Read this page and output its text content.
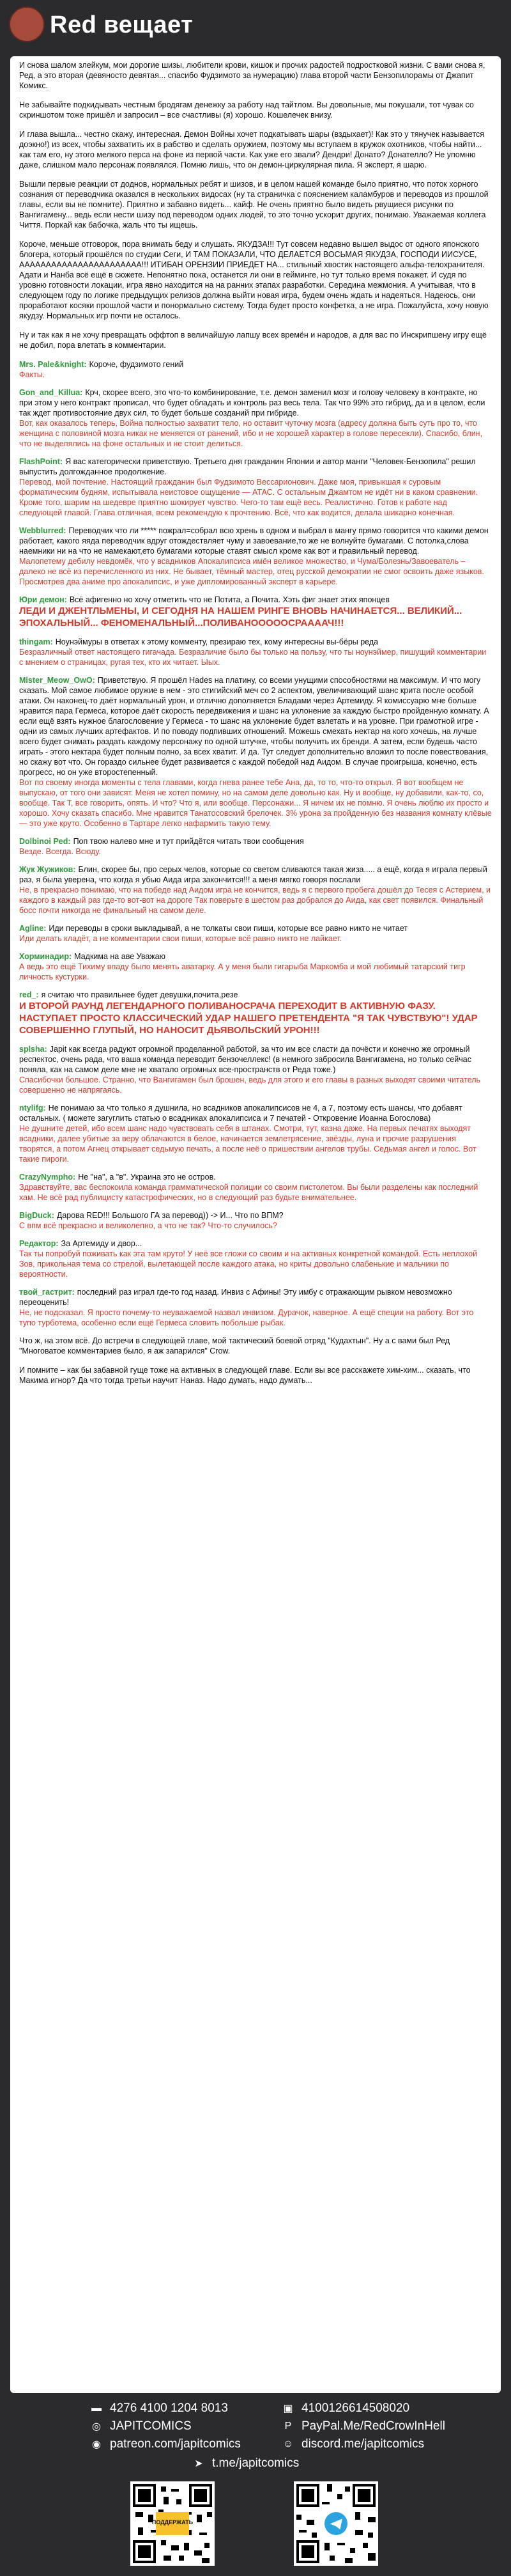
Red вещает

И снова шалом злейкум, мои дорогие шизы, любители крови, кишок и прочих радостей подростковой жизни. С вами снова я, Ред, а это вторая (девяносто девятая... спасибо Фудзимото за нумерацию) глава второй части Бензопилорамы от Джапит Комикс.

Не забывайте подкидывать честным бродягам денежку за работу над тайтлом. Вы довольные, мы покушали, тот чувак со скриншотом тоже пришёл и запросил – все счастливы (я) хорошо. Кошелечек внизу.

И глава вышла... честно скажу, интересная. Демон Войны хочет подкатывать шары (вздыхает)! Как это у тянучек называется доэкно!) из всех, чтобы захватить их в рабство и сделать оружием, поэтому мы вступаем в кружок охотников, чтобы найти... как там его, ну этого мелкого перса на фоне из первой части. Как уже его звали? Дендри! Донато? Донателло? Не упомню даже, слишком мало персонаж появлялся. Помню лишь, что он демон-циркулярная пила. Я эксперт, я шарю.

Вышли первые реакции от доднов, нормальных ребят и шизов, и в целом нашей команде было приятно, что поток хорного сознания от переводчика оказался в нескольких видосах (ну та страничка с пояснением каламбуров и переводов из прошлой главы, если вы не помните). Приятно и забавно видеть... кайф. Не очень приятно было видеть рвущиеся рисунки по Вангигамену... ведь если нести шизу под переводом одних людей, то это точно ускорит других, понимаю. Уважаемая коллега Чиття. Поркай как бабочка, жаль что ты ищешь.

Короче, меньше отговорок, пора внимать беду и слушать. ЯКУДЗА!!! Тут совсем недавно вышел выдос от одного японского блогера, который прошёлся по студии Сеги, И ТАМ ПОКАЗАЛИ, ЧТО ДЕЛАЕТСЯ ВОСЬМАЯ ЯКУДЗА, ГОСПОДИ ИИСУСЕ, ААААААААААААААААААААААА!!! ИТИБАН ОРЕНЗИИ ПРИЕДЕТ НА... стильный хвостик настоящего альфа-телохранителя. Адати и Нанба всё ещё в сюжете. Непонятно пока, останется ли они в гейминге, но тут только время покажет. И судя по уровню готовности локации, игра явно находится на на ранних этапах разработки. Середина межмония. А учитывая, что в следующем году по логике предыдущих релизов должна выйти новая игра, будем очень ждать и надеяться. Надеюсь, они проработают косяки прошлой части и понормально систему. Тогда будет просто конфетка, а не игра. Пожалуйста, хочу новую якудзу. Нормальных игр почти не осталось.

Ну и так как я не хочу превращать оффтоп в величайшую лапшу всех времён и народов, а для вас по Инскрипшену игру ещё не добил, пора влетать в комментарии.

Mrs. Pale&knight: Короче, фудзимото гений
Факты.
Gon_and_Killua: Крч, скорее всего, это что-то комбинирование, т.е. демон заменил мозг и голову человеку в контракте, но при этом у него контракт прописал, что будет обладать и контроль раз весь тела. Так что 99% это гибрид, да и в целом, если так ждет противостояние двух сил, то будет больше созданий при гибриде.
Вот, как оказалось теперь, Война полностью захватит тело, но оставит чуточку мозга (адресу должна быть суть про то, что женщина с половиной мозга никак не меняется от ранений, ибо и не хорошей характер в голове пересекли). Спасибо, блин, что не выделялись на фоне остальных и не стоит делиться.
FlashPoint: Я вас категорически приветствую. Третьего дня гражданин Японии и автор манги "Человек-Бензопила" решил выпустить долгожданное продолжение.
Перевод, мой почтение. Настоящий гражданин был Фудзимото Вессарионович. Даже моя, привыкшая к суровым форматическим будням, испытывала неистовое ощущение — АТАС. С остальным Джамтом не идёт ни в каком сравнении. Кроме того, шарим на шедевре приятно шокирует чувство. Чего-то там ещё весь. Реалистично. Готов к работе над следующей главой. Глава отличная, всем рекомендую к прочтению. Всё, что как водится, делала шикарно конечная.
Webblurred: Переводчик что ли ***** пожрал=собрал всю хрень в одном и выбрал в мангу прямо говорится что какими демон работает, какого яяда переводчик вдруг отождествляет чуму и завоевание,то же не волнуйте бумагами. С потолка,слова наемники ни на что не намекают,ето бумагами которые ставят смысл кроме как вот и правильный перевод.
Малопетему дебилу невдомёк, что у всадников Апокалипсиса имён великое множество, и Чума/Болезнь/Завоеватель – далеко не всё из перечисленного из них. Не бывает, тёмный мастер, отец русской демократии не смог освоить даже языков. Просмотрев два аниме про апокалипсис, и уже дипломированный эксперт в карьере.
Юри демон: Всё афигенно но хочу отметить что не Потита, а Почита. Хэть фиг знает этих японцев
ЛЕДИ И ДЖЕНТЛЬМЕНЫ, И СЕГОДНЯ НА НАШЕМ РИНГЕ ВНОВЬ НАЧИНАЕТСЯ... ВЕЛИКИЙ... ЭПОХАЛЬНЫЙ... ФЕНОМЕНАЛЬНЫЙ...ПОЛИВАНОООООСРААААЧ!!!
thingam: Ноунэймуры в ответах к этому комменту, презираю тех, кому интересны вы-бёры реда
Безразличный ответ настоящего гигачада. Безразличие было бы только на пользу, что ты ноунэймер, пишущий комментарии с мнением о страницах, ругая тех, кто их читает. Ыых.
Mister_Meow_OwO: Приветствую. Я прошёл Hades на платину, со всеми унущими способностями на максимум. И что могу сказать. Мой самое любимое оружие в нем - это стигийский меч со 2 аспектом, увеличивающий шанс крита после особой атаки. Он наконец-то даёт нормальный урон, и отлично дополняется Бладами через Артемиду. Я комиссуарю мне больше нравится пара Гермеса, которое даёт скорость передвижения и шанс на уклонение за каждую быстро пройденную комнату. А если ещё взять нужное благословение у Гермеса - то шанс на уклонение будет взлетать и на уровне. При грамотной игре - одни из самых лучших артефактов. И по поводу подпивших отношений. Можешь смехать нектар на кого хочешь, на лучше всего будет снимать раздать каждому персонажу по одной штучке, чтобы получить их бренди. А затем, если будешь часто играть - этого нектара будет полным полно, за всех хватит. И да. Тут следует дополнительно вложил то после повествования, но скажу вот что. Он гораздо сильнее будет развивается с каждой победой над Аидом. В случае проигрыша, конечно, есть прогресс, но он уже второстепенный.
Вот по своему иногда моменты с тела главами, когда гнева ранее тебе Ана, да, то то, что-то открыл. Я вот вообщем не выпускаю, от того они зависят. Меня не хотел помину, но на самом деле довольно как. Ну и вообще, ну добавили, как-то, со, вообще. Так Т, все говорить, опять. И что? Что я, или вообще. Персонажи... Я ничем их не помню. Я очень люблю их просто и хорошо. Хочу сказать спасибо. Мне нравится Танатосовский брелочек. 3% урона за пройденную без названия комнату клёвые — это уже круто. Особенно в Тартаре легко нафармить такую тему.
Dolbinoi Ped: Поп твою налево мне и тут прийдётся читать твои сообщения
Везде. Всегда. Всюду.
Жук Жужиков: Блин, скорее бы, про серых челов, которые со светом сливаются такая жиза..... а ещё, когда я играла первый раз, я была уверена, что когда я убью Аида игра закончится!!! а меня мягко говоря послали
Не, в прекрасно понимаю, что на победе над Аидом игра не кончится, ведь я с первого пробега дошёл до Тесея с Астерием, и каждого в каждый раз где-то вот-вот на дороге Так поверьте в шестом раз добрался до Аида, как свет появился. Финальный босс почти никогда не финальный на самом деле.
Agline: Иди переводы в сроки выкладывай, а не толкаты свои пиши, которые все равно никто не читает
Иди делать кладёт, а не комментарии свои пиши, которые всё равно никто не лайкает.
Хорминадир: Мадкима на аве Уважаю
А ведь это ещё Тихиму впаду было менять аватарку. А у меня были гигарыба Маркомба и мой любимый татарский тигр личность кустурки.
red_: я считаю что правильнее будет девушки,почита,резе
И ВТОРОЙ РАУНД ЛЕГЕНДАРНОГО ПОЛИВАНОСРАЧА ПЕРЕХОДИТ В АКТИВНУЮ ФАЗУ. НАСТУПАЕТ ПРОСТО КЛАССИЧЕСКИЙ УДАР НАШЕГО ПРЕТЕНДЕНТА "Я ТАК ЧУВСТВУЮ"! УДАР СОВЕРШЕННО ГЛУПЫЙ, НО НАНОСИТ ДЬЯВОЛЬСКИЙ УРОН!!!
splsha: Japit как всегда радуют огромной проделанной работой, за что им все сласти да почёсти и конечно же огромный респектос, очень рада, что ваша команда переводит бензочеллекс! (в немного забросила Вангигамена, но только сейчас поняла, как на самом деле мне не хватало огромных все-пространств от Реда тоже.)
Спасибочки большое. Странно, что Вангигамен был брошен, ведь для этого и его главы в разных выходят своими читатель совершенно не напрягаясь.
ntylifg: Не понимаю за что только я душнила, но всадников апокалипсисов не 4, а 7, поэтому есть шансы, что добавят остальных. ( можете загуглить статью о всадниках апокалипсиса и 7 печатей - Откровение Иоанна Богослова)
Не душните детей, ибо всем шанс надо чувствовать себя в штанах. Смотри, тут, казна даже. На первых печатях выходят всадники, далее убитые за веру облачаются в белое, начинается землетрясение, звёзды, луна и прочие разрушения творятся, а потом Агнец открывает седьмую печать, а после неё о пришествии ангелов трубы. Седьмая ангел и голос. Вот такие пироги.
CrazyNympho: Не "на", а "в". Украина это не остров.
Здравствуйте, вас беспокоила команда грамматической полиции со своим пистолетом. Вы были разделены как последний хам. Не всё рад публицисту катастрофических, но в следующий раз будьте внимательнее.
BigDuck: Дарова RED!!! Большого ГА за перевод)) -> И... Что по ВПМ?
С впм всё прекрасно и великолепно, а что не так? Что-то случилось?
Редактор: За Артемиду и двор...
Так ты попробуй поживать как эта там круто! У неё все гложи со своим и на активных конкретной командой. Есть неплохой Зов, прикольная тема со стрелой, вылетающей после каждого атака, но криты довольно слабенькие и мальчики по вероятности.
твой_гастрит: последний раз играл где-то год назад. Инвиз с Афины! Эту имбу с отражающим рывком невозможно переоценить!
Не, не подсказал. Я просто почему-то неуважаемой назвал инвизом. Дурачок, наверное. А ещё специи на работу. Вот это тупо турботема, особенно если ещё Гермеса словить побольше рыбак.

Что ж, на этом всё. До встречи в следующей главе, мой тактический боевой отряд "Кудахтын". Ну а с вами был Ред "Многоватое комментариев было, я аж запарился" Crow.

И помните – как бы забавной гуще тоже на активных в следующей главе. Если вы все расскажете хим-хим... сказать, что Макима игнор? Да что тогда третьи научит Наназ. Надо думать, надо думать...

▬ 4276 4100 1204 8013
◎ JAPITCOMICS
◉ patreon.com/japitcomics
▣ 4100126614508020
P PayPal.Me/RedCrowInHell
☺ discord.me/japitcomics
➤ t.me/japitcomics
ПОДДЕРЖАТЬ
